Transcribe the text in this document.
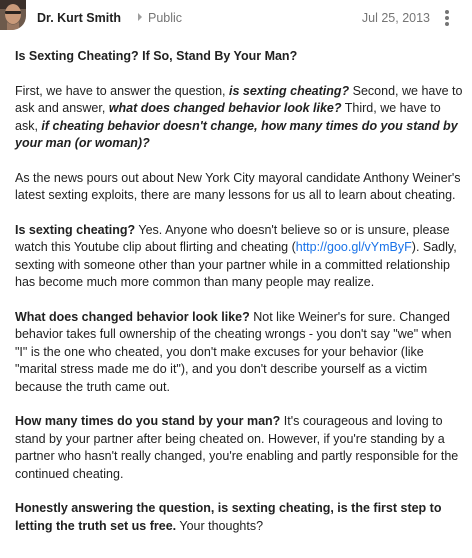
Dr. Kurt Smith Public	Jul 25, 2013

Is Sexting Cheating? If So, Stand By Your Man?

First, we have to answer the question, is sexting cheating? Second, we have to ask and answer, what does changed behavior look like? Third, we have to ask, if cheating behavior doesn't change, how many times do you stand by your man (or woman)?

As the news pours out about New York City mayoral candidate Anthony Weiner's latest sexting exploits, there are many lessons for us all to learn about cheating.

Is sexting cheating? Yes. Anyone who doesn't believe so or is unsure, please watch this Youtube clip about flirting and cheating (http://goo.gl/vYmByF). Sadly, sexting with someone other than your partner while in a committed relationship has become much more common than many people may realize.

What does changed behavior look like? Not like Weiner's for sure. Changed behavior takes full ownership of the cheating wrongs - you don't say "we" when "I" is the one who cheated, you don't make excuses for your behavior (like "marital stress made me do it"), and you don't describe yourself as a victim because the truth came out.

How many times do you stand by your man? It's courageous and loving to stand by your partner after being cheated on. However, if you're standing by a partner who hasn't really changed, you're enabling and partly responsible for the continued cheating.

Honestly answering the question, is sexting cheating, is the first step to letting the truth set us free. Your thoughts?
